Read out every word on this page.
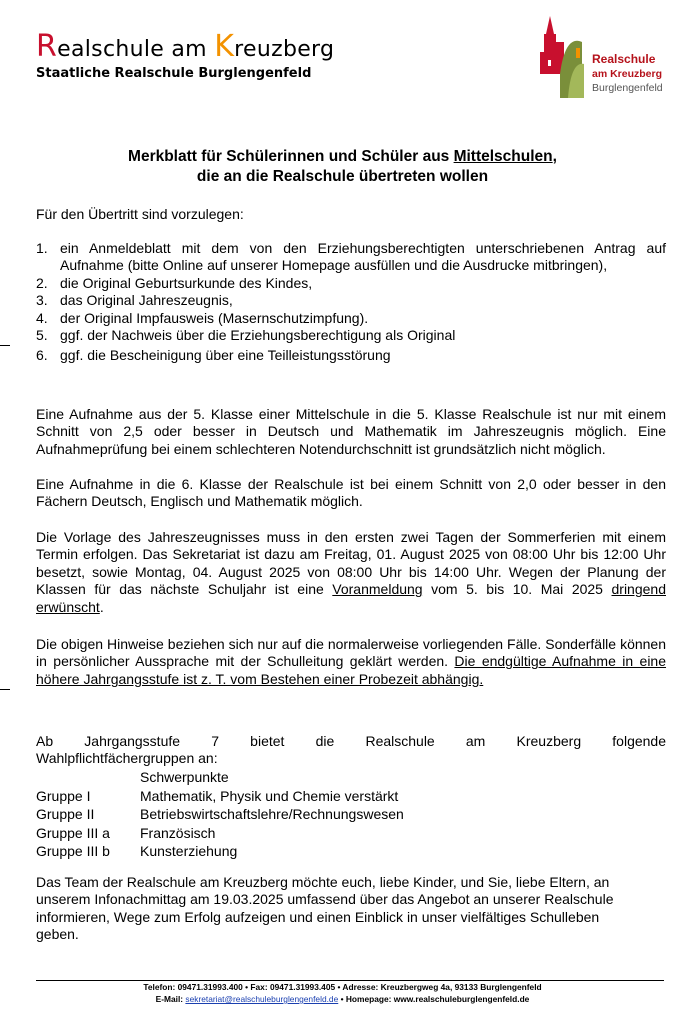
Realschule am Kreuzberg
Staatliche Realschule Burglengenfeld
Realschule
am Kreuzberg
Burglengenfeld
Merkblatt für Schülerinnen und Schüler aus Mittelschulen,
die an die Realschule übertreten wollen
Für den Übertritt sind vorzulegen:
1. ein Anmeldeblatt mit dem von den Erziehungsberechtigten unterschriebenen Antrag auf Aufnahme (bitte Online auf unserer Homepage ausfüllen und die Ausdrucke mitbringen),
2. die Original Geburtsurkunde des Kindes,
3. das Original Jahreszeugnis,
4. der Original Impfausweis (Masernschutzimpfung).
5. ggf. der Nachweis über die Erziehungsberechtigung als Original
6. ggf. die Bescheinigung über eine Teilleistungsstörung
Eine Aufnahme aus der 5. Klasse einer Mittelschule in die 5. Klasse Realschule ist nur mit einem Schnitt von 2,5 oder besser in Deutsch und Mathematik im Jahreszeugnis möglich. Eine Aufnahmeprüfung bei einem schlechteren Notendurchschnitt ist grundsätzlich nicht möglich.
Eine Aufnahme in die 6. Klasse der Realschule ist bei einem Schnitt von 2,0 oder besser in den Fächern Deutsch, Englisch und Mathematik möglich.
Die Vorlage des Jahreszeugnisses muss in den ersten zwei Tagen der Sommerferien mit einem Termin erfolgen. Das Sekretariat ist dazu am Freitag, 01. August 2025 von 08:00 Uhr bis 12:00 Uhr besetzt, sowie Montag, 04. August 2025 von 08:00 Uhr bis 14:00 Uhr. Wegen der Planung der Klassen für das nächste Schuljahr ist eine Voranmeldung vom 5. bis 10. Mai 2025 dringend erwünscht.
Die obigen Hinweise beziehen sich nur auf die normalerweise vorliegenden Fälle. Sonderfälle können in persönlicher Aussprache mit der Schulleitung geklärt werden. Die endgültige Aufnahme in eine höhere Jahrgangsstufe ist z. T. vom Bestehen einer Probezeit abhängig.
Ab Jahrgangsstufe 7 bietet die Realschule am Kreuzberg folgende
Wahlpflichtfächergruppen an:
Schwerpunkte
Gruppe I	Mathematik, Physik und Chemie verstärkt
Gruppe II	Betriebswirtschaftslehre/Rechnungswesen
Gruppe III a	Französisch
Gruppe III b	Kunsterziehung
Das Team der Realschule am Kreuzberg möchte euch, liebe Kinder, und Sie, liebe Eltern, an unserem Infonachmittag am 19.03.2025 umfassend über das Angebot an unserer Realschule informieren, Wege zum Erfolg aufzeigen und einen Einblick in unser vielfältiges Schulleben geben.
Telefon: 09471.31993.400 • Fax: 09471.31993.405 • Adresse: Kreuzbergweg 4a, 93133 Burglengenfeld
E-Mail: sekretariat@realschuleburglengenfeld.de • Homepage: www.realschuleburglengenfeld.de
